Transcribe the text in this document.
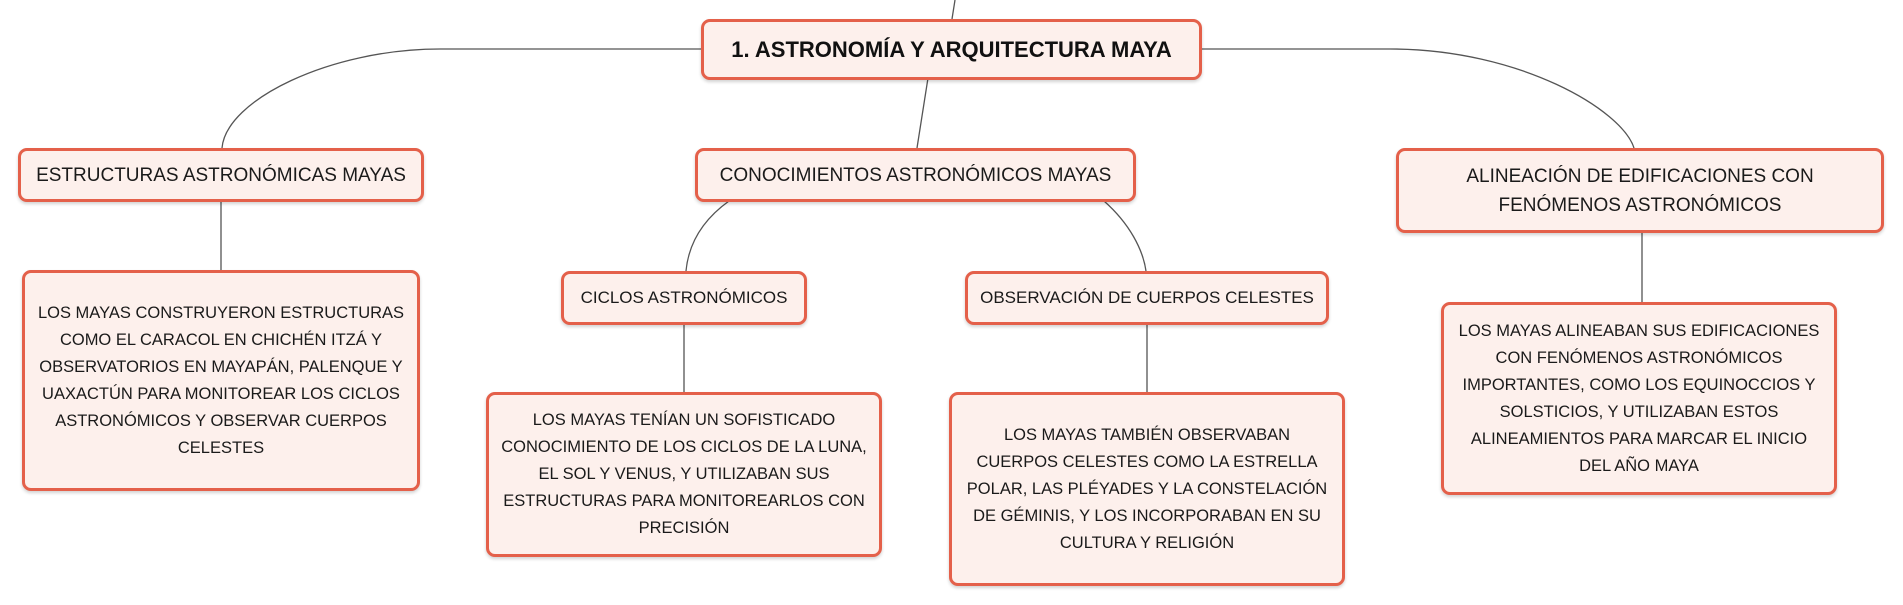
1. ASTRONOMÍA Y ARQUITECTURA MAYA
ESTRUCTURAS ASTRONÓMICAS MAYAS	CONOCIMIENTOS ASTRONÓMICOS MAYAS	ALINEACIÓN DE EDIFICACIONES CON FENÓMENOS ASTRONÓMICOS
CICLOS ASTRONÓMICOS	OBSERVACIÓN DE CUERPOS CELESTES
LOS MAYAS CONSTRUYERON ESTRUCTURAS COMO EL CARACOL EN CHICHÉN ITZÁ Y OBSERVATORIOS EN MAYAPÁN, PALENQUE Y UAXACTÚN PARA MONITOREAR LOS CICLOS ASTRONÓMICOS Y OBSERVAR CUERPOS CELESTES
LOS MAYAS TENÍAN UN SOFISTICADO CONOCIMIENTO DE LOS CICLOS DE LA LUNA, EL SOL Y VENUS, Y UTILIZABAN SUS ESTRUCTURAS PARA MONITOREARLOS CON PRECISIÓN
LOS MAYAS TAMBIÉN OBSERVABAN CUERPOS CELESTES COMO LA ESTRELLA POLAR, LAS PLÉYADES Y LA CONSTELACIÓN DE GÉMINIS, Y LOS INCORPORABAN EN SU CULTURA Y RELIGIÓN
LOS MAYAS ALINEABAN SUS EDIFICACIONES CON FENÓMENOS ASTRONÓMICOS IMPORTANTES, COMO LOS EQUINOCCIOS Y SOLSTICIOS, Y UTILIZABAN ESTOS ALINEAMIENTOS PARA MARCAR EL INICIO DEL AÑO MAYA
